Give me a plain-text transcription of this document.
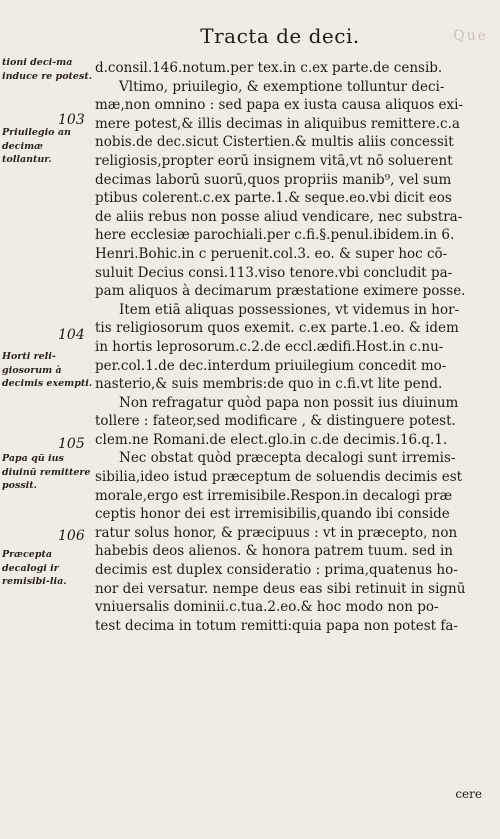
Que
Tracta de deci.
d.consil.146.notum.per tex.in c.ex parte.de censib.
Vltimo, priuilegio, & exemptione tolluntur deci-
mæ,non omnino : sed papa ex iusta causa aliquos exi-
mere potest,& illis decimas in aliquibus remittere.c.a
nobis.de dec.sicut Cistertien.& multis aliis concessit
religiosis,propter eorū insignem vitā,vt nō soluerent
decimas laborū suorū,quos propriis manib⁹, vel sum
ptibus colerent.c.ex parte.1.& seque.eo.vbi dicit eos
de aliis rebus non posse aliud vendicare, nec substra-
here ecclesiæ parochiali.per c.fi.§.penul.ibidem.in 6.
Henri.Bohic.in c peruenit.col.3. eo. & super hoc cō-
suluit Decius consi.113.viso tenore.vbi concludit pa-
pam aliquos à decimarum præstatione eximere posse.
Item etiā aliquas possessiones, vt videmus in hor-
tis religiosorum quos exemit. c.ex parte.1.eo. & idem
in hortis leprosorum.c.2.de eccl.ædifi.Host.in c.nu-
per.col.1.de dec.interdum priuilegium concedit mo-
nasterio,& suis membris:de quo in c.fi.vt lite pend.
Non refragatur quòd papa non possit ius diuinum
tollere : fateor,sed modificare , & distinguere potest.
clem.ne Romani.de elect.glo.in c.de decimis.16.q.1.
Nec obstat quòd præcepta decalogi sunt irremis-
sibilia,ideo istud præceptum de soluendis decimis est
morale,ergo est irremisibile.Respon.in decalogi præ
ceptis honor dei est irremisibilis,quando ibi conside
ratur solus honor, & præcipuus : vt in præcepto, non
habebis deos alienos. & honora patrem tuum. sed in
decimis est duplex consideratio : prima,quatenus ho-
nor dei versatur. nempe deus eas sibi retinuit in signū
vniuersalis dominii.c.tua.2.eo.& hoc modo non po-
test decima in totum remitti:quia papa non potest fa-
tioni deci-ma induce re potest.
Priuilegio an decimæ tollantur.
Horti reli-giosorum à decimis exempti.
Papa qū ius diuinū remittere possit.
Præcepta decalogi ir remisibi-lia.
103
104
105
106
cere
